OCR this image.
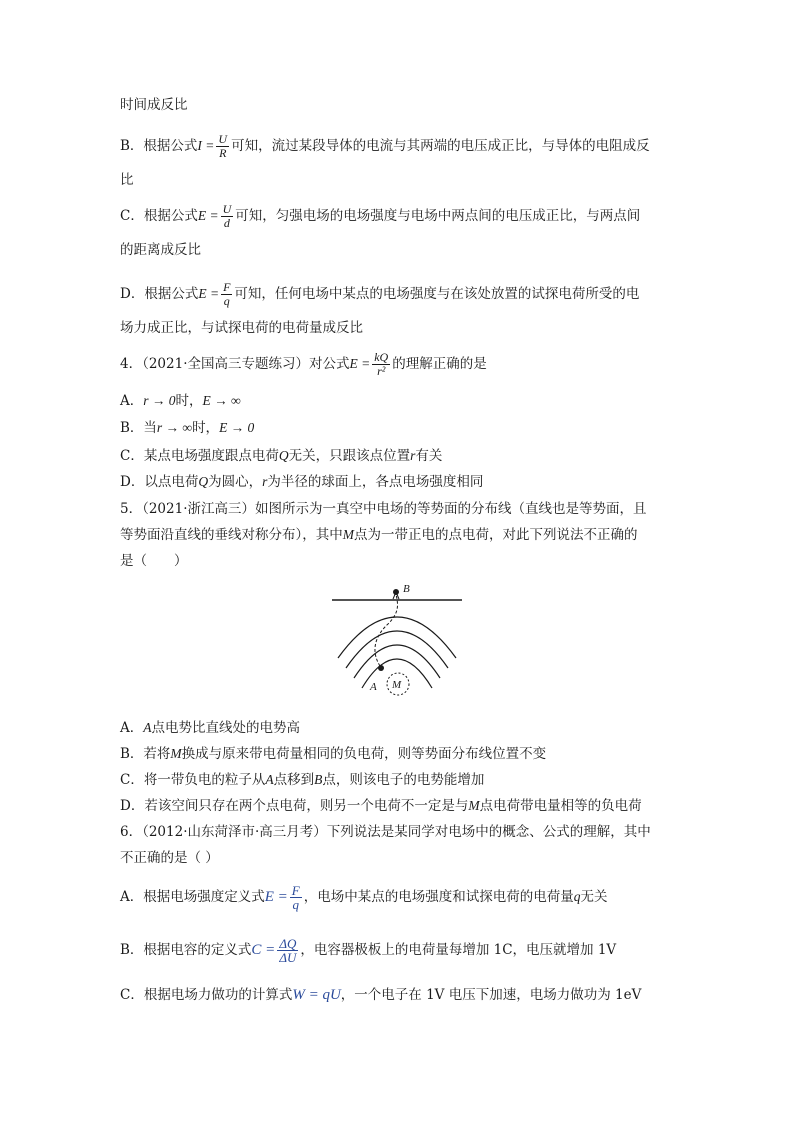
时间成反比
B．根据公式$I = \frac{U}{R}$ 可知，流过某段导体的电流与其两端的电压成正比，与导体的电阻成反
比
C．根据公式$E = \frac{U}{d}$ 可知，匀强电场的电场强度与电场中两点间的电压成正比，与两点间
的距离成反比
D．根据公式$E = \frac{F}{q}$ 可知，任何电场中某点的电场强度与在该处放置的试探电荷所受的电
场力成正比，与试探电荷的电荷量成反比
4．（2021·全国高三专题练习）对公式$E = \frac{kQ}{\text{r²}}$ 的理解正确的是
A．r → 0时，E → ∞
B．当r → ∞时，E → 0
C．某点电场强度跟点电荷Q无关，只跟该点位置r有关
D．以点电荷Q为圆心，r为半径的球面上，各点电场强度相同
5．（2021·浙江高三）如图所示为一真空中电场的等势面的分布线（直线也是等势面，且
等势面沿直线的垂线对称分布），其中M点为一带正电的点电荷，对此下列说法不正确的
是（　　）
B
A M
A．A点电势比直线处的电势高
B．若将M换成与原来带电荷量相同的负电荷，则等势面分布线位置不变
C．将一带负电的粒子从A点移到B点，则该电子的电势能增加
D．若该空间只存在两个点电荷，则另一个电荷不一定是与M点电荷带电量相等的负电荷
6．（2012·山东菏泽市·高三月考）下列说法是某同学对电场中的概念、公式的理解，其中
不正确的是（ ）
A．根据电场强度定义式$E = \frac{F}{q}$ ，电场中某点的电场强度和试探电荷的电荷量q无关
B．根据电容的定义式$C = \frac{\Delta Q}{\Delta U}$ ，电容器极板上的电荷量每增加 1C，电压就增加 1V
C．根据电场力做功的计算式W = qU，一个电子在 1V 电压下加速，电场力做功为 1eV
